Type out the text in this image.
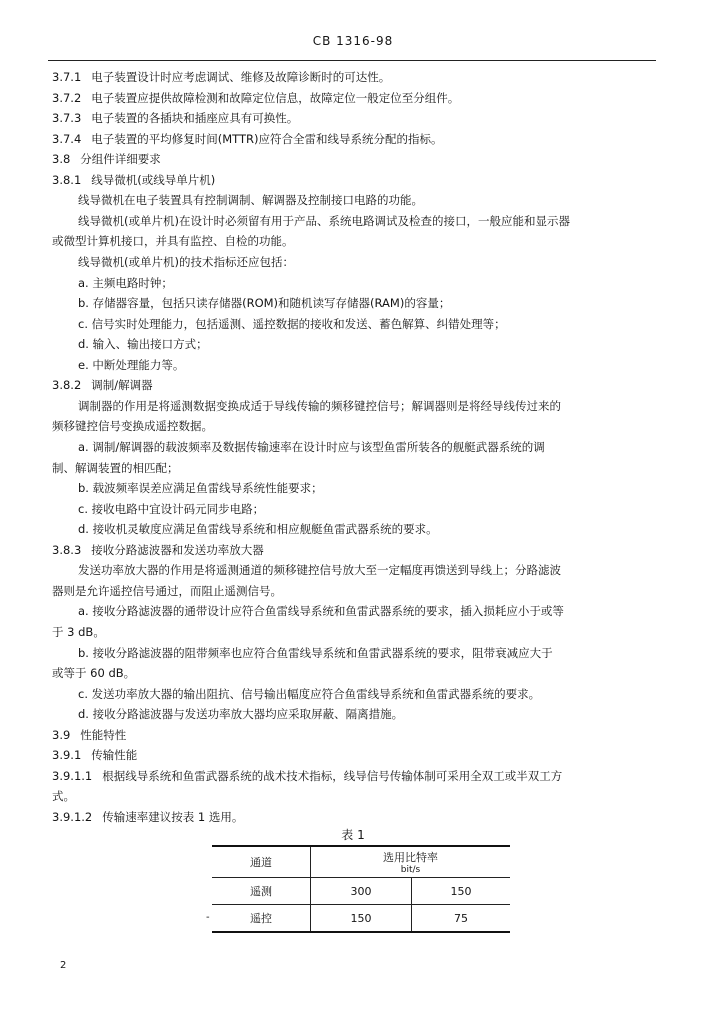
CB 1316-98
3.7.1 电子装置设计时应考虑调试、维修及故障诊断时的可达性。
3.7.2 电子装置应提供故障检测和故障定位信息，故障定位一般定位至分组件。
3.7.3 电子装置的各插块和插座应具有可换性。
3.7.4 电子装置的平均修复时间(MTTR)应符合全雷和线导系统分配的指标。
3.8 分组件详细要求
3.8.1 线导微机(或线导单片机)
线导微机在电子装置具有控制调制、解调器及控制接口电路的功能。
线导微机(或单片机)在设计时必须留有用于产品、系统电路调试及检查的接口，一般应能和显示器
或微型计算机接口，并具有监控、自检的功能。
线导微机(或单片机)的技术指标还应包括：
a. 主频电路时钟；
b. 存储器容量，包括只读存储器(ROM)和随机读写存储器(RAM)的容量；
c. 信号实时处理能力，包括遥测、遥控数据的接收和发送、蓄色解算、纠错处理等；
d. 输入、输出接口方式；
e. 中断处理能力等。
3.8.2 调制/解调器
调制器的作用是将遥测数据变换成适于导线传输的频移键控信号；解调器则是将经导线传过来的
频移键控信号变换成遥控数据。
a. 调制/解调器的载波频率及数据传输速率在设计时应与该型鱼雷所装各的舰艇武器系统的调
制、解调装置的相匹配；
b. 载波频率误差应满足鱼雷线导系统性能要求；
c. 接收电路中宜设计码元同步电路；
d. 接收机灵敏度应满足鱼雷线导系统和相应舰艇鱼雷武器系统的要求。
3.8.3 接收分路滤波器和发送功率放大器
发送功率放大器的作用是将遥测通道的频移键控信号放大至一定幅度再馈送到导线上；分路滤波
器则是允许遥控信号通过，而阻止遥测信号。
a. 接收分路滤波器的通带设计应符合鱼雷线导系统和鱼雷武器系统的要求，插入损耗应小于或等
于 3 dB。
b. 接收分路滤波器的阻带频率也应符合鱼雷线导系统和鱼雷武器系统的要求，阻带衰减应大于
或等于 60 dB。
c. 发送功率放大器的输出阻抗、信号输出幅度应符合鱼雷线导系统和鱼雷武器系统的要求。
d. 接收分路滤波器与发送功率放大器均应采取屏蔽、隔离措施。
3.9 性能特性
3.9.1 传输性能
3.9.1.1 根据线导系统和鱼雷武器系统的战术技术指标，线导信号传输体制可采用全双工或半双工方
式。
3.9.1.2 传输速率建议按表 1 选用。
表 1
通道	选用比特率
bit/s	

遥测	300	150
遥控	150	75
-
2
